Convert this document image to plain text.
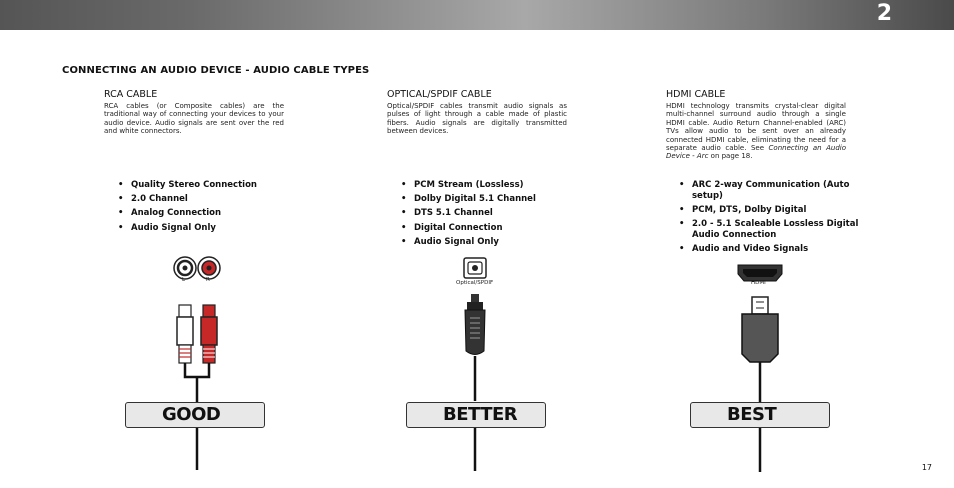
2
CONNECTING AN AUDIO DEVICE - AUDIO CABLE TYPES
RCA CABLE
RCA cables (or Composite cables) are the traditional way of connecting your devices to your audio device. Audio signals are sent over the red and white connectors.
• Quality Stereo Connection
• 2.0 Channel
• Analog Connection
• Audio Signal Only
OPTICAL/SPDIF CABLE
Optical/SPDIF cables transmit audio signals as pulses of light through a cable made of plastic fibers. Audio signals are digitally transmitted between devices.
• PCM Stream (Lossless)
• Dolby Digital 5.1 Channel
• DTS 5.1 Channel
• Digital Connection
• Audio Signal Only
HDMI CABLE
HDMI technology transmits crystal-clear digital multi-channel surround audio through a single HDMI cable. Audio Return Channel-enabled (ARC) TVs allow audio to be sent over an already connected HDMI cable, eliminating the need for a separate audio cable. See Connecting an Audio Device - Arc on page 18.
• ARC 2-way Communication (Auto setup)
• PCM, DTS, Dolby Digital
• 2.0 - 5.1 Scaleable Lossless Digital Audio Connection
• Audio and Video Signals
L	R	Optical/SPDIF	HDMI
GOOD	BETTER	BEST
17
